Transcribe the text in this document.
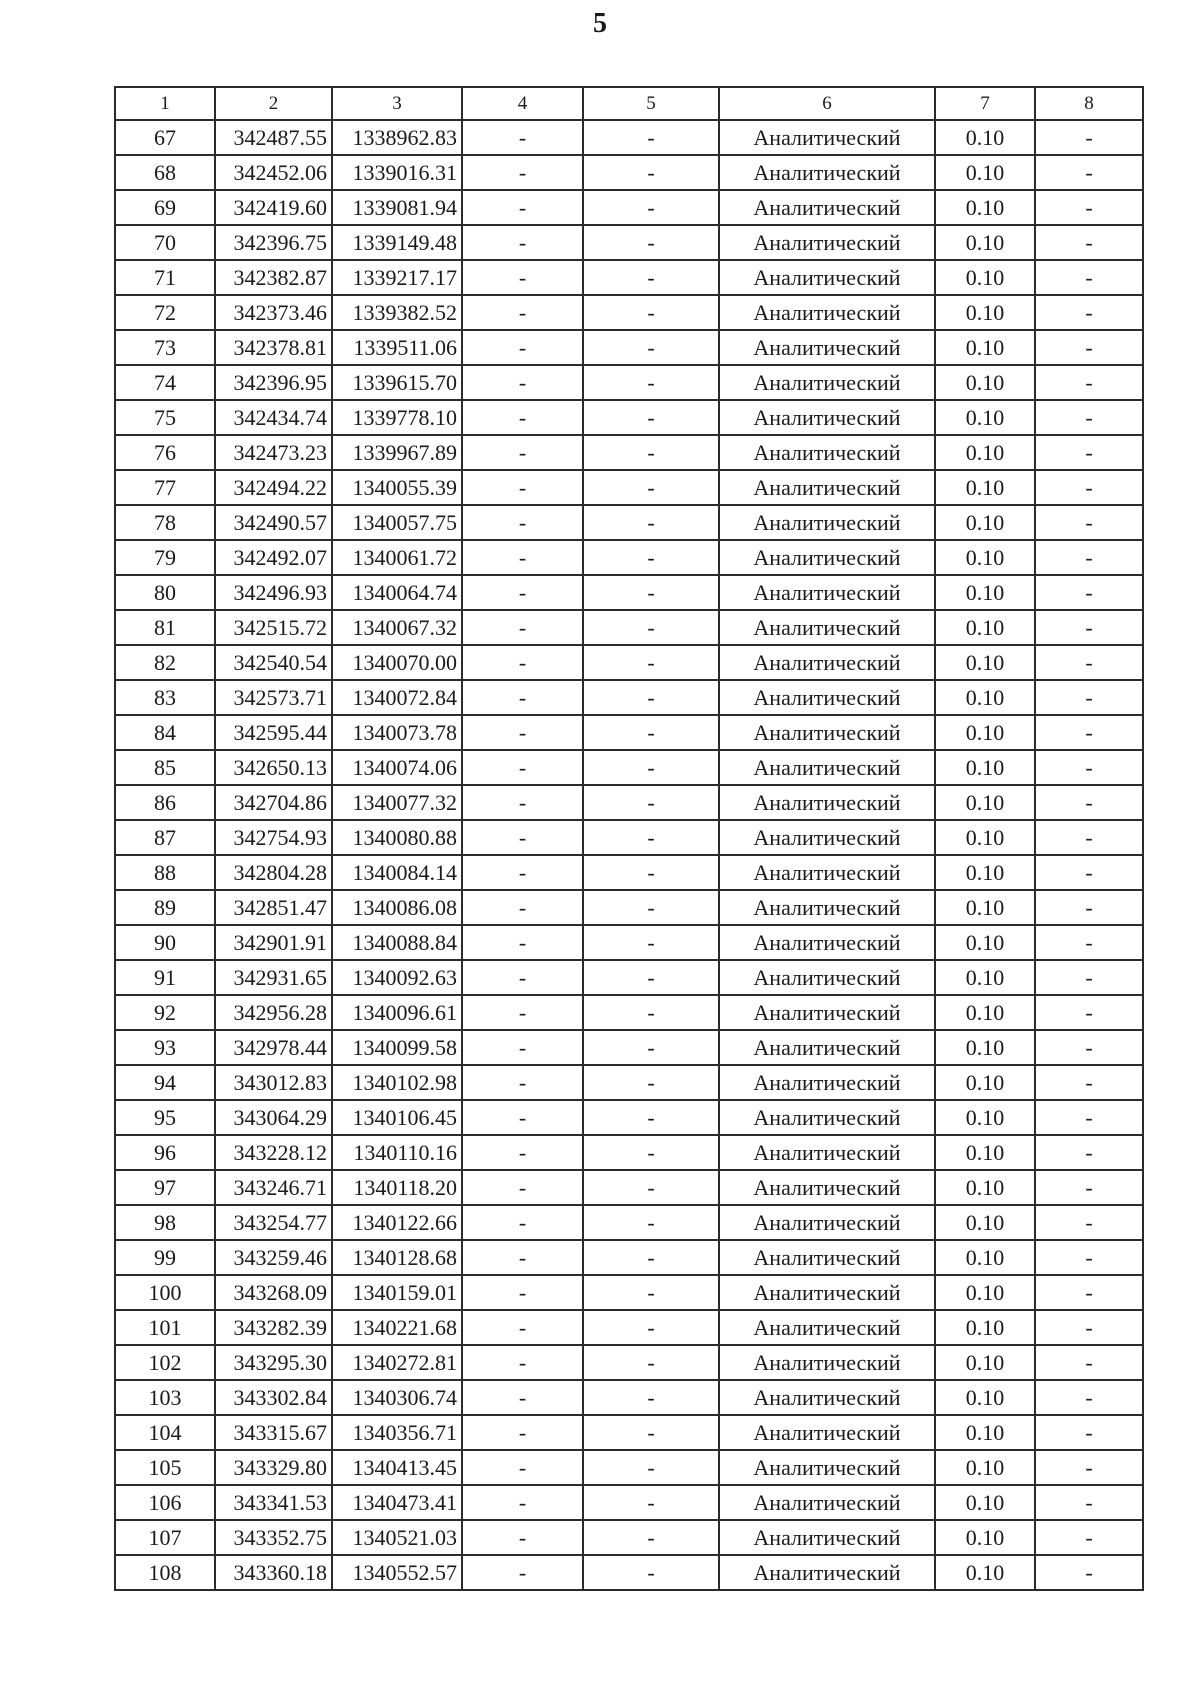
5
1	2	3	4	5	6	7	8
67	342487.55	1338962.83	-	-	Аналитический	0.10	-
68	342452.06	1339016.31	-	-	Аналитический	0.10	-
69	342419.60	1339081.94	-	-	Аналитический	0.10	-
70	342396.75	1339149.48	-	-	Аналитический	0.10	-
71	342382.87	1339217.17	-	-	Аналитический	0.10	-
72	342373.46	1339382.52	-	-	Аналитический	0.10	-
73	342378.81	1339511.06	-	-	Аналитический	0.10	-
74	342396.95	1339615.70	-	-	Аналитический	0.10	-
75	342434.74	1339778.10	-	-	Аналитический	0.10	-
76	342473.23	1339967.89	-	-	Аналитический	0.10	-
77	342494.22	1340055.39	-	-	Аналитический	0.10	-
78	342490.57	1340057.75	-	-	Аналитический	0.10	-
79	342492.07	1340061.72	-	-	Аналитический	0.10	-
80	342496.93	1340064.74	-	-	Аналитический	0.10	-
81	342515.72	1340067.32	-	-	Аналитический	0.10	-
82	342540.54	1340070.00	-	-	Аналитический	0.10	-
83	342573.71	1340072.84	-	-	Аналитический	0.10	-
84	342595.44	1340073.78	-	-	Аналитический	0.10	-
85	342650.13	1340074.06	-	-	Аналитический	0.10	-
86	342704.86	1340077.32	-	-	Аналитический	0.10	-
87	342754.93	1340080.88	-	-	Аналитический	0.10	-
88	342804.28	1340084.14	-	-	Аналитический	0.10	-
89	342851.47	1340086.08	-	-	Аналитический	0.10	-
90	342901.91	1340088.84	-	-	Аналитический	0.10	-
91	342931.65	1340092.63	-	-	Аналитический	0.10	-
92	342956.28	1340096.61	-	-	Аналитический	0.10	-
93	342978.44	1340099.58	-	-	Аналитический	0.10	-
94	343012.83	1340102.98	-	-	Аналитический	0.10	-
95	343064.29	1340106.45	-	-	Аналитический	0.10	-
96	343228.12	1340110.16	-	-	Аналитический	0.10	-
97	343246.71	1340118.20	-	-	Аналитический	0.10	-
98	343254.77	1340122.66	-	-	Аналитический	0.10	-
99	343259.46	1340128.68	-	-	Аналитический	0.10	-
100	343268.09	1340159.01	-	-	Аналитический	0.10	-
101	343282.39	1340221.68	-	-	Аналитический	0.10	-
102	343295.30	1340272.81	-	-	Аналитический	0.10	-
103	343302.84	1340306.74	-	-	Аналитический	0.10	-
104	343315.67	1340356.71	-	-	Аналитический	0.10	-
105	343329.80	1340413.45	-	-	Аналитический	0.10	-
106	343341.53	1340473.41	-	-	Аналитический	0.10	-
107	343352.75	1340521.03	-	-	Аналитический	0.10	-
108	343360.18	1340552.57	-	-	Аналитический	0.10	-
